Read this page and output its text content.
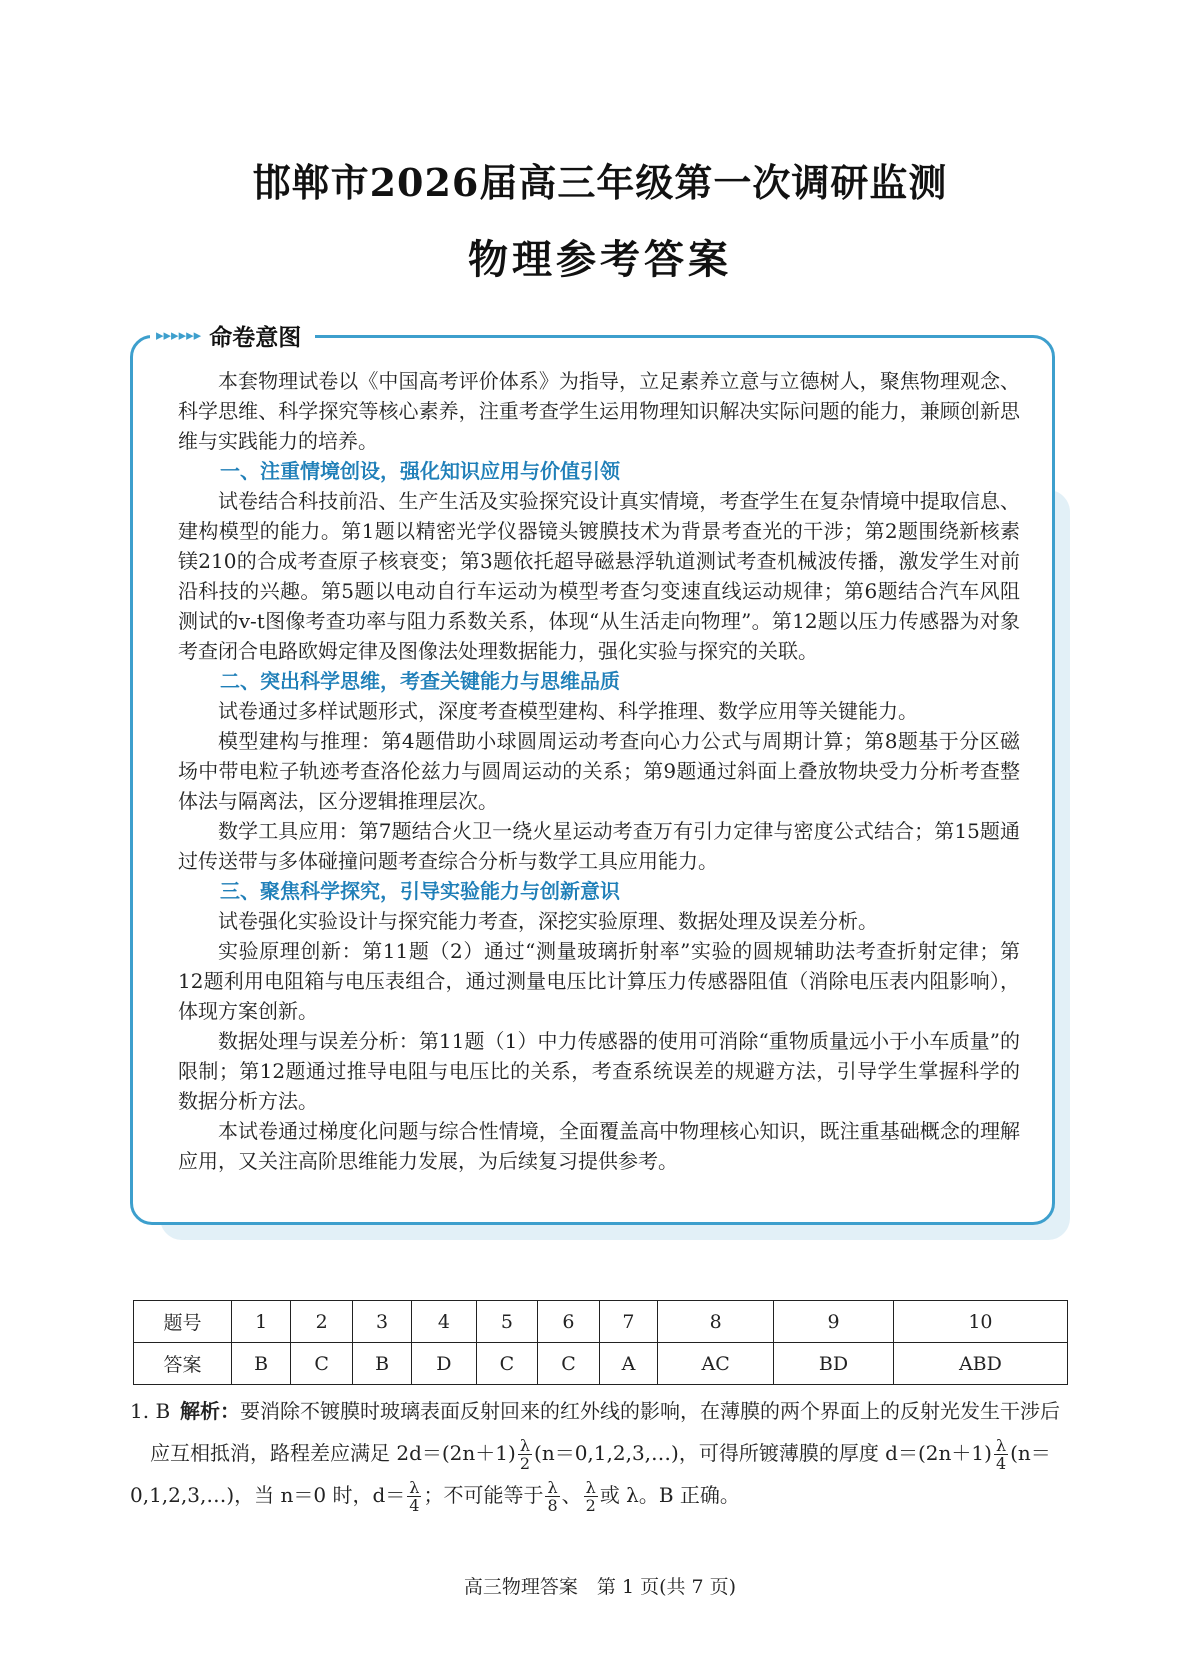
邯郸市2026届高三年级第一次调研监测
物理参考答案
▸▸▸▸▸▸ 命卷意图

本套物理试卷以《中国高考评价体系》为指导，立足素养立意与立德树人，聚焦物理观念、科学思维、科学探究等核心素养，注重考查学生运用物理知识解决实际问题的能力，兼顾创新思维与实践能力的培养。

一、注重情境创设，强化知识应用与价值引领

试卷结合科技前沿、生产生活及实验探究设计真实情境，考查学生在复杂情境中提取信息、建构模型的能力。第1题以精密光学仪器镜头镀膜技术为背景考查光的干涉；第2题围绕新核素镁210的合成考查原子核衰变；第3题依托超导磁悬浮轨道测试考查机械波传播，激发学生对前沿科技的兴趣。第5题以电动自行车运动为模型考查匀变速直线运动规律；第6题结合汽车风阻测试的v-t图像考查功率与阻力系数关系，体现“从生活走向物理”。第12题以压力传感器为对象考查闭合电路欧姆定律及图像法处理数据能力，强化实验与探究的关联。

二、突出科学思维，考查关键能力与思维品质

试卷通过多样试题形式，深度考查模型建构、科学推理、数学应用等关键能力。

模型建构与推理：第4题借助小球圆周运动考查向心力公式与周期计算；第8题基于分区磁场中带电粒子轨迹考查洛伦兹力与圆周运动的关系；第9题通过斜面上叠放物块受力分析考查整体法与隔离法，区分逻辑推理层次。

数学工具应用：第7题结合火卫一绕火星运动考查万有引力定律与密度公式结合；第15题通过传送带与多体碰撞问题考查综合分析与数学工具应用能力。

三、聚焦科学探究，引导实验能力与创新意识

试卷强化实验设计与探究能力考查，深挖实验原理、数据处理及误差分析。

实验原理创新：第11题（2）通过“测量玻璃折射率”实验的圆规辅助法考查折射定律；第12题利用电阻箱与电压表组合，通过测量电压比计算压力传感器阻值（消除电压表内阻影响），体现方案创新。

数据处理与误差分析：第11题（1）中力传感器的使用可消除“重物质量远小于小车质量”的限制；第12题通过推导电阻与电压比的关系，考查系统误差的规避方法，引导学生掌握科学的数据分析方法。

本试卷通过梯度化问题与综合性情境，全面覆盖高中物理核心知识，既注重基础概念的理解应用，又关注高阶思维能力发展，为后续复习提供参考。

题号	1	2	3	4	5	6	7	8	9	10
答案	B	C	B	D	C	C	A	AC	BD	ABD
1. B 解析：要消除不镀膜时玻璃表面反射回来的红外线的影响，在薄膜的两个界面上的反射光发生干涉后
应互相抵消，路程差应满足 $2d=(2n+1) \frac{\lambda}{2}$ (n＝0,1,2,3,…)，可得所镀薄膜的厚度 $d=(2n+1) \frac{\lambda}{4} (n=$
0,1,2,3,…)，当 n＝0 时，$d= \frac{\lambda}{4}$ ；不可能等于 $\frac{\lambda}{8}$ 、 $\frac{\lambda}{2}$ 或 λ。B 正确。
高三物理答案　第 1 页(共 7 页)
